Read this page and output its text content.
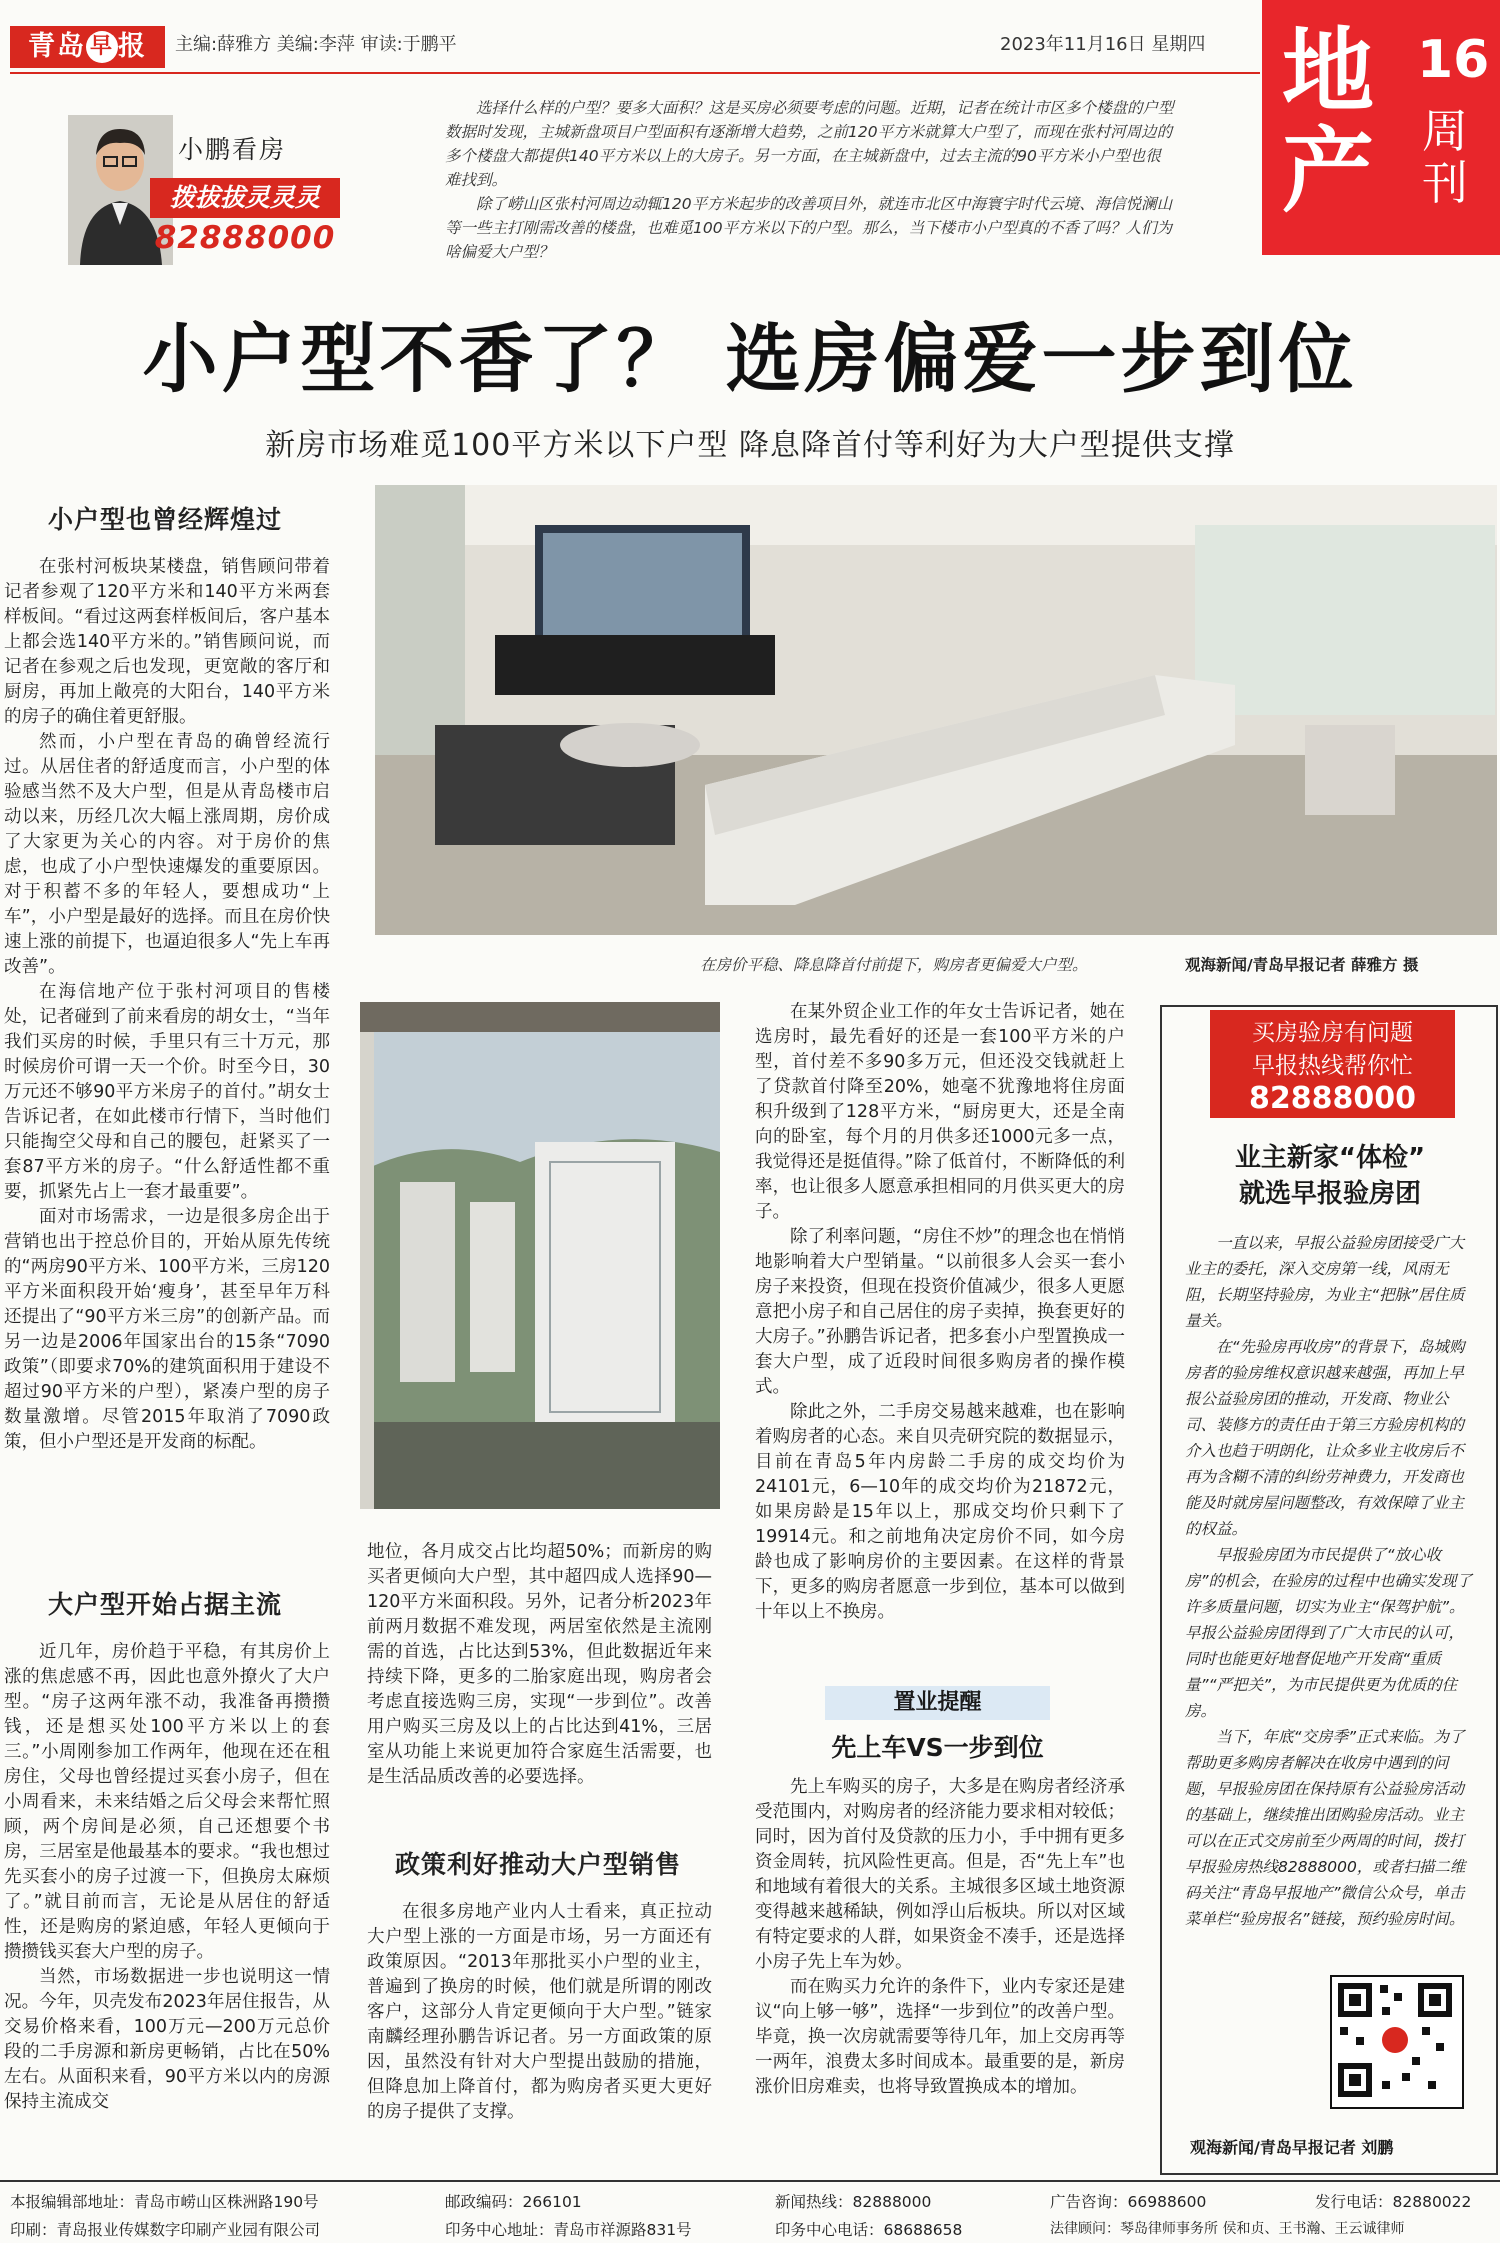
青岛 早 报	主编:薛雅方 美编:李萍 审读:于鹏平	2023年11月16日 星期四 地产
16
周刊
小鹏看房
拨拔拔灵灵灵
82888000

选择什么样的户型？要多大面积？这是买房必须要考虑的问题。近期，记者在统计市区多个楼盘的户型数据时发现，主城新盘项目户型面积有逐渐增大趋势，之前120平方米就算大户型了，而现在张村河周边的多个楼盘大都提供140平方米以上的大房子。另一方面，在主城新盘中，过去主流的90平方米小户型也很难找到。

除了崂山区张村河周边动辄120平方米起步的改善项目外，就连市北区中海寰宇时代云境、海信悦澜山等一些主打刚需改善的楼盘，也难觅100平方米以下的户型。那么，当下楼市小户型真的不香了吗？人们为啥偏爱大户型？

小户型不香了？ 选房偏爱一步到位
新房市场难觅100平方米以下户型 降息降首付等利好为大户型提供支撑
小户型也曾经辉煌过

在张村河板块某楼盘，销售顾问带着记者参观了120平方米和140平方米两套样板间。“看过这两套样板间后，客户基本上都会选140平方米的。”销售顾问说，而记者在参观之后也发现，更宽敞的客厅和厨房，再加上敞亮的大阳台，140平方米的房子的确住着更舒服。

然而，小户型在青岛的确曾经流行过。从居住者的舒适度而言，小户型的体验感当然不及大户型，但是从青岛楼市启动以来，历经几次大幅上涨周期，房价成了大家更为关心的内容。对于房价的焦虑，也成了小户型快速爆发的重要原因。对于积蓄不多的年轻人，要想成功“上车”，小户型是最好的选择。而且在房价快速上涨的前提下，也逼迫很多人“先上车再改善”。

在海信地产位于张村河项目的售楼处，记者碰到了前来看房的胡女士，“当年我们买房的时候，手里只有三十万元，那时候房价可谓一天一个价。时至今日，30万元还不够90平方米房子的首付。”胡女士告诉记者，在如此楼市行情下，当时他们只能掏空父母和自己的腰包，赶紧买了一套87平方米的房子。“什么舒适性都不重要，抓紧先占上一套才最重要”。

面对市场需求，一边是很多房企出于营销也出于控总价目的，开始从原先传统的“两房90平方米、100平方米，三房120平方米面积段开始‘瘦身’，甚至早年万科还提出了“90平方米三房”的创新产品。而另一边是2006年国家出台的15条“7090政策”（即要求70%的建筑面积用于建设不超过90平方米的户型），紧凑户型的房子数量激增。尽管2015年取消了7090政策，但小户型还是开发商的标配。

大户型开始占据主流

近几年，房价趋于平稳，有其房价上涨的焦虑感不再，因此也意外撩火了大户型。“房子这两年涨不动，我准备再攒攒钱，还是想买处100平方米以上的套三。”小周刚参加工作两年，他现在还在租房住，父母也曾经提过买套小房子，但在小周看来，未来结婚之后父母会来帮忙照顾，两个房间是必须，自己还想要个书房，三居室是他最基本的要求。“我也想过先买套小的房子过渡一下，但换房太麻烦了。”就目前而言，无论是从居住的舒适性，还是购房的紧迫感，年轻人更倾向于攒攒钱买套大户型的房子。

当然，市场数据进一步也说明这一情况。今年，贝壳发布2023年居住报告，从交易价格来看，100万元—200万元总价段的二手房源和新房更畅销，占比在50%左右。从面积来看，90平方米以内的房源保持主流成交

在房价平稳、降息降首付前提下，购房者更偏爱大户型。	观海新闻/青岛早报记者 薛雅方 摄

地位，各月成交占比均超50%；而新房的购买者更倾向大户型，其中超四成人选择90—120平方米面积段。另外，记者分析2023年前两月数据不难发现，两居室依然是主流刚需的首选，占比达到53%，但此数据近年来持续下降，更多的二胎家庭出现，购房者会考虑直接选购三房，实现“一步到位”。改善用户购买三房及以上的占比达到41%，三居室从功能上来说更加符合家庭生活需要，也是生活品质改善的必要选择。

政策利好推动大户型销售

在很多房地产业内人士看来，真正拉动大户型上涨的一方面是市场，另一方面还有政策原因。“2013年那批买小户型的业主，普遍到了换房的时候，他们就是所谓的刚改客户，这部分人肯定更倾向于大户型。”链家南麟经理孙鹏告诉记者。另一方面政策的原因，虽然没有针对大户型提出鼓励的措施，但降息加上降首付，都为购房者买更大更好的房子提供了支撑。

在某外贸企业工作的年女士告诉记者，她在选房时，最先看好的还是一套100平方米的户型，首付差不多90多万元，但还没交钱就赶上了贷款首付降至20%，她毫不犹豫地将住房面积升级到了128平方米，“厨房更大，还是全南向的卧室，每个月的月供多还1000元多一点，我觉得还是挺值得。”除了低首付，不断降低的利率，也让很多人愿意承担相同的月供买更大的房子。

除了利率问题，“房住不炒”的理念也在悄悄地影响着大户型销量。“以前很多人会买一套小房子来投资，但现在投资价值减少，很多人更愿意把小房子和自己居住的房子卖掉，换套更好的大房子。”孙鹏告诉记者，把多套小户型置换成一套大户型，成了近段时间很多购房者的操作模式。

除此之外，二手房交易越来越难，也在影响着购房者的心态。来自贝壳研究院的数据显示，目前在青岛5年内房龄二手房的成交均价为24101元，6—10年的成交均价为21872元，如果房龄是15年以上，那成交均价只剩下了19914元。和之前地角决定房价不同，如今房龄也成了影响房价的主要因素。在这样的背景下，更多的购房者愿意一步到位，基本可以做到十年以上不换房。

置业提醒
先上车VS一步到位

先上车购买的房子，大多是在购房者经济承受范围内，对购房者的经济能力要求相对较低；同时，因为首付及贷款的压力小，手中拥有更多资金周转，抗风险性更高。但是，否“先上车”也和地域有着很大的关系。主城很多区域土地资源变得越来越稀缺，例如浮山后板块。所以对区域有特定要求的人群，如果资金不凑手，还是选择小房子先上车为妙。

而在购买力允许的条件下，业内专家还是建议“向上够一够”，选择“一步到位”的改善户型。毕竟，换一次房就需要等待几年，加上交房再等一两年，浪费太多时间成本。最重要的是，新房涨价旧房难卖，也将导致置换成本的增加。

买房验房有问题
早报热线帮你忙
82888000
业主新家“体检”
就选早报验房团

一直以来，早报公益验房团接受广大业主的委托，深入交房第一线，风雨无阻，长期坚持验房，为业主“把脉”居住质量关。

在“先验房再收房”的背景下，岛城购房者的验房维权意识越来越强，再加上早报公益验房团的推动，开发商、物业公司、装修方的责任由于第三方验房机构的介入也趋于明朗化，让众多业主收房后不再为含糊不清的纠纷劳神费力，开发商也能及时就房屋问题整改，有效保障了业主的权益。

早报验房团为市民提供了“放心收房”的机会，在验房的过程中也确实发现了许多质量问题，切实为业主“保驾护航”。早报公益验房团得到了广大市民的认可，同时也能更好地督促地产开发商“重质量”“严把关”，为市民提供更为优质的住房。

当下，年底“交房季”正式来临。为了帮助更多购房者解决在收房中遇到的问题，早报验房团在保持原有公益验房活动的基础上，继续推出团购验房活动。业主可以在正式交房前至少两周的时间，拨打早报验房热线82888000，或者扫描二维码关注“青岛早报地产”微信公众号，单击菜单栏“验房报名”链接，预约验房时间。

观海新闻/青岛早报记者 刘鹏
本报编辑部地址：青岛市崂山区株洲路190号	邮政编码：266101	新闻热线：82888000	广告咨询：66988600	发行电话：82880022
印刷：青岛报业传媒数字印刷产业园有限公司	印务中心地址：青岛市祥源路831号	印务中心电话：68688658	法律顾问：琴岛律师事务所 侯和贞、王书瀚、王云诚律师
